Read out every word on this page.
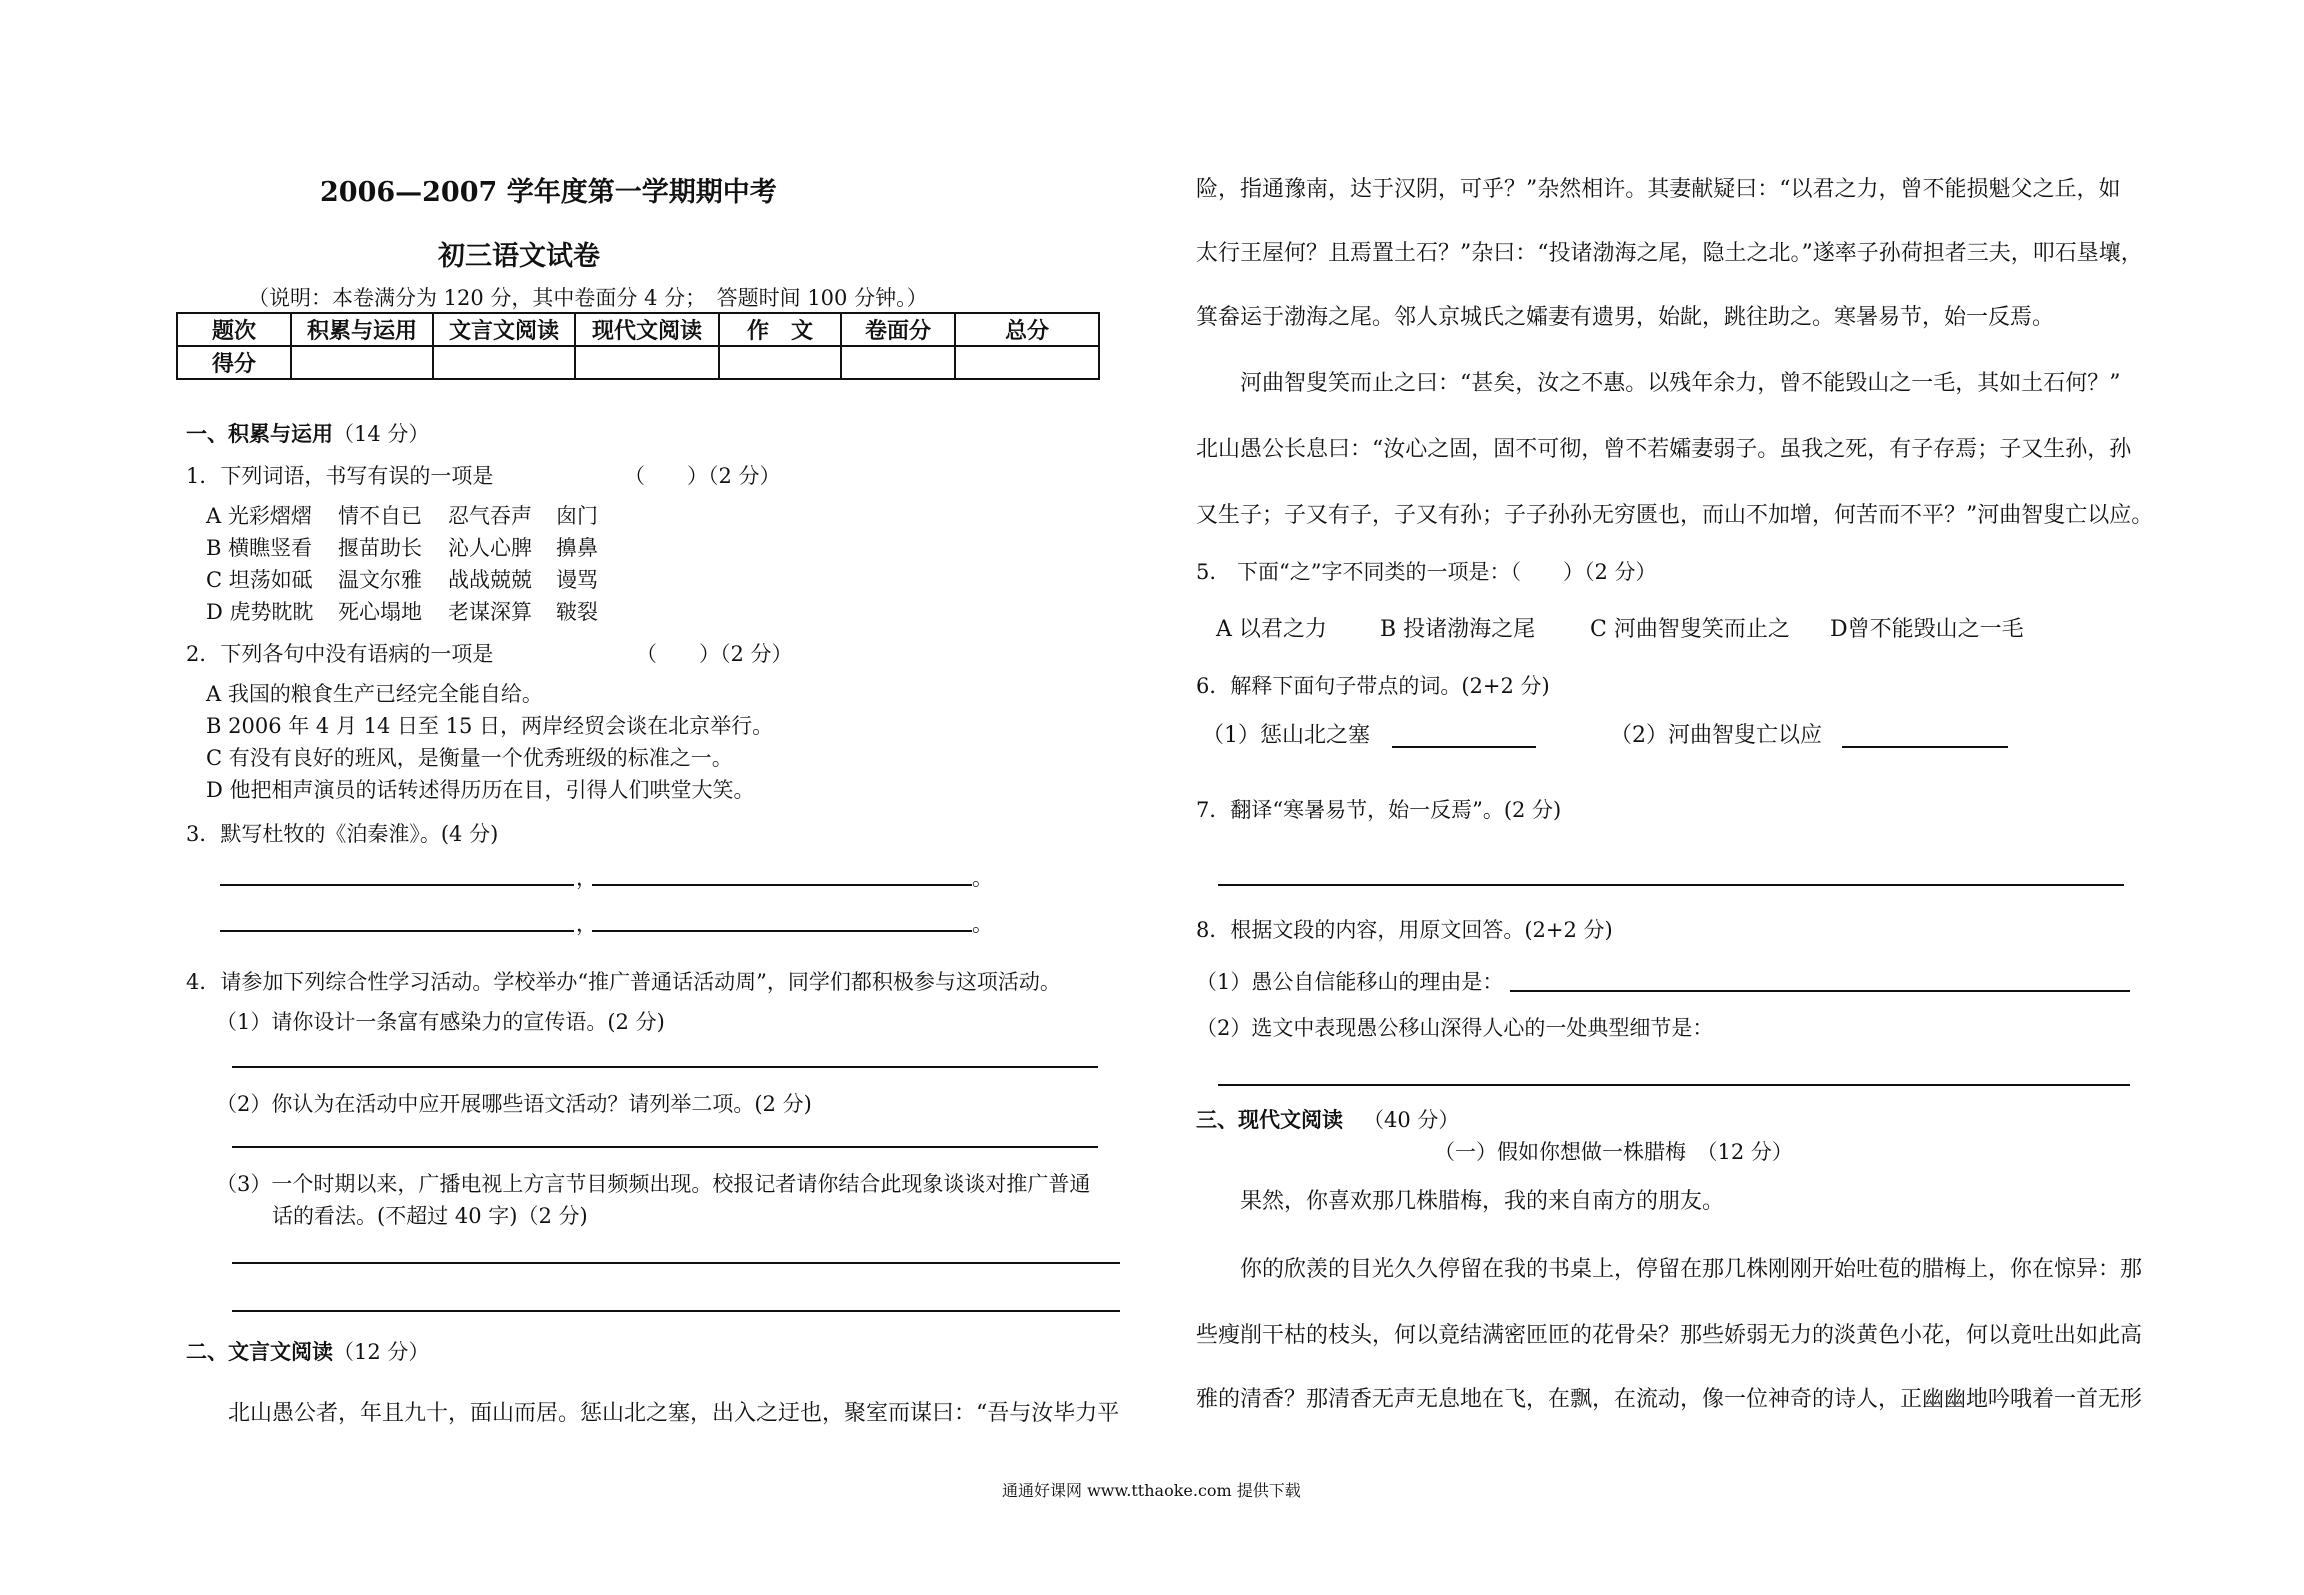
2006—2007 学年度第一学期期中考
初三语文试卷
（说明：本卷满分为 120 分，其中卷面分 4 分；　答题时间 100 分钟。）
题次	积累与运用	文言文阅读	现代文阅读	作　文	卷面分	总分
得分						
一、积累与运用（14 分）
1．下列词语，书写有误的一项是	（　　）（2 分）
A 光彩熠熠 情不自已 忍气吞声 囱门
B 横瞧竖看 揠苗助长 沁人心脾 擤鼻
C 坦荡如砥 温文尔雅 战战兢兢 谩骂
D 虎势眈眈 死心塌地 老谋深算 皲裂
2．下列各句中没有语病的一项是	（　　）（2 分）
A 我国的粮食生产已经完全能自给。
B 2006 年 4 月 14 日至 15 日，两岸经贸会谈在北京举行。
C 有没有良好的班风，是衡量一个优秀班级的标准之一。
D 他把相声演员的话转述得历历在目，引得人们哄堂大笑。
3．默写杜牧的《泊秦淮》。(4 分)
，	。
，	。
4．请参加下列综合性学习活动。学校举办“推广普通话活动周”，同学们都积极参与这项活动。
（1）请你设计一条富有感染力的宣传语。(2 分)
（2）你认为在活动中应开展哪些语文活动？请列举二项。(2 分)
（3）一个时期以来，广播电视上方言节目频频出现。校报记者请你结合此现象谈谈对推广普通
话的看法。(不超过 40 字)（2 分)
二、文言文阅读（12 分）
北山愚公者，年且九十，面山而居。惩山北之塞，出入之迂也，聚室而谋曰：“吾与汝毕力平
险，指通豫南，达于汉阴，可乎？”杂然相许。其妻献疑曰：“以君之力，曾不能损魁父之丘，如
太行王屋何？且焉置土石？”杂曰：“投诸渤海之尾，隐土之北。”遂率子孙荷担者三夫，叩石垦壤，
箕畚运于渤海之尾。邻人京城氏之孀妻有遗男，始龀，跳往助之。寒暑易节，始一反焉。
河曲智叟笑而止之曰：“甚矣，汝之不惠。以残年余力，曾不能毁山之一毛，其如土石何？”
北山愚公长息曰：“汝心之固，固不可彻，曾不若孀妻弱子。虽我之死，有子存焉；子又生孙，孙
又生子；子又有子，子又有孙；子子孙孙无穷匮也，而山不加增，何苦而不平？”河曲智叟亡以应。
5.　下面“之”字不同类的一项是：（　　）（2 分）
A 以君之力 B 投诸渤海之尾 C 河曲智叟笑而止之 D曾不能毁山之一毛
6．解释下面句子带点的词。(2+2 分)
（1）惩山北之塞	（2）河曲智叟亡以应
7．翻译“寒暑易节，始一反焉”。(2 分)
8．根据文段的内容，用原文回答。(2+2 分)
（1）愚公自信能移山的理由是：
（2）选文中表现愚公移山深得人心的一处典型细节是：
三、现代文阅读 （40 分）
（一）假如你想做一株腊梅　（12 分）
果然，你喜欢那几株腊梅，我的来自南方的朋友。
你的欣羡的目光久久停留在我的书桌上，停留在那几株刚刚开始吐苞的腊梅上，你在惊异：那
些瘦削干枯的枝头，何以竟结满密匝匝的花骨朵？那些娇弱无力的淡黄色小花，何以竟吐出如此高
雅的清香？那清香无声无息地在飞，在飘，在流动，像一位神奇的诗人，正幽幽地吟哦着一首无形
通通好课网 www.tthaoke.com 提供下载
